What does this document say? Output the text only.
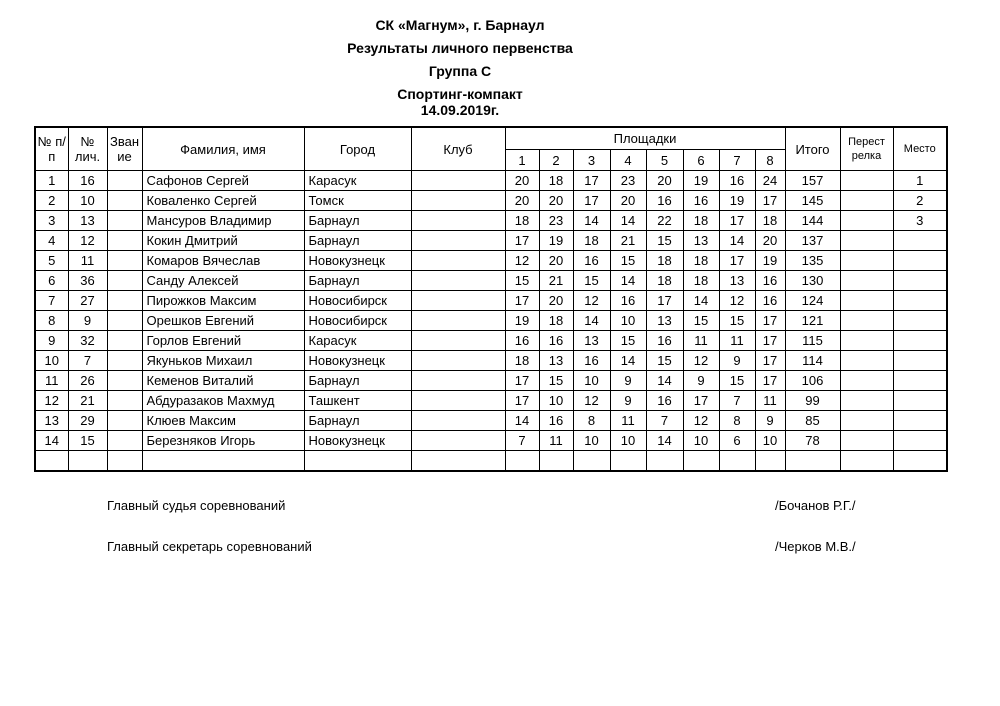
СК «Магнум», г. Барнаул
Результаты личного первенства
Группа С
Спортинг-компакт
14.09.2019г.
№ п/п	№ лич.	Зван ие	Фамилия, имя	Город	Клуб	Площадки								Итого	Перест релка	Место
						1	2	3	4	5	6	7	8			
1	16		Сафонов Сергей	Карасук		20	18	17	23	20	19	16	24	157		1
2	10		Коваленко Сергей	Томск		20	20	17	20	16	16	19	17	145		2
3	13		Мансуров Владимир	Барнаул		18	23	14	14	22	18	17	18	144		3
4	12		Кокин Дмитрий	Барнаул		17	19	18	21	15	13	14	20	137		
5	11		Комаров Вячеслав	Новокузнецк		12	20	16	15	18	18	17	19	135		
6	36		Санду Алексей	Барнаул		15	21	15	14	18	18	13	16	130		
7	27		Пирожков Максим	Новосибирск		17	20	12	16	17	14	12	16	124		
8	9		Орешков Евгений	Новосибирск		19	18	14	10	13	15	15	17	121		
9	32		Горлов Евгений	Карасук		16	16	13	15	16	11	11	17	115		
10	7		Якуньков Михаил	Новокузнецк		18	13	16	14	15	12	9	17	114		
11	26		Кеменов Виталий	Барнаул		17	15	10	9	14	9	15	17	106		
12	21		Абдуразаков Махмуд	Ташкент		17	10	12	9	16	17	7	11	99		
13	29		Клюев Максим	Барнаул		14	16	8	11	7	12	8	9	85		
14	15		Березняков Игорь	Новокузнецк		7	11	10	10	14	10	6	10	78		

Главный судья соревнований	/Бочанов Р.Г./
Главный секретарь соревнований	/Черков М.В./
